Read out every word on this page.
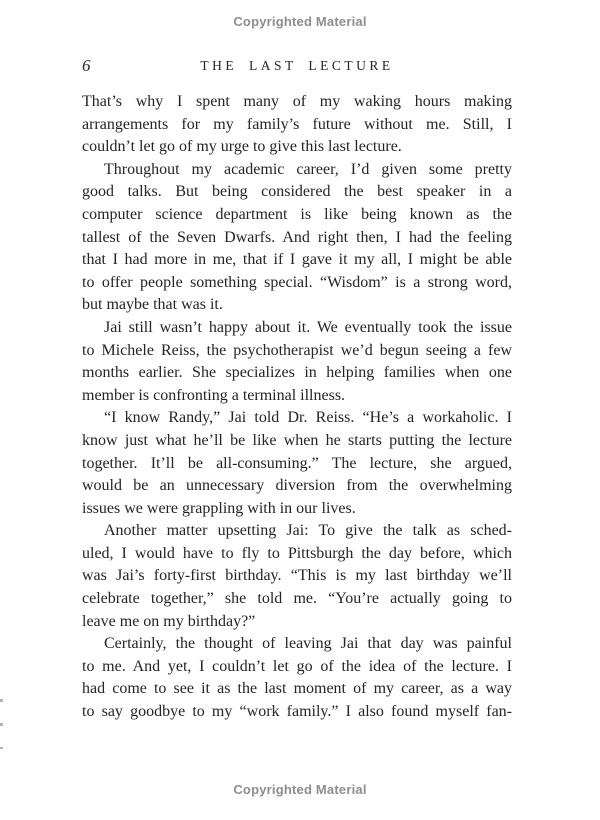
Copyrighted Material
6	THE LAST LECTURE
That’s why I spent many of my waking hours making
arrangements for my family’s future without me. Still, I
couldn’t let go of my urge to give this last lecture.
Throughout my academic career, I’d given some pretty
good talks. But being considered the best speaker in a
computer science department is like being known as the
tallest of the Seven Dwarfs. And right then, I had the feeling
that I had more in me, that if I gave it my all, I might be able
to offer people something special. “Wisdom” is a strong word,
but maybe that was it.
Jai still wasn’t happy about it. We eventually took the issue
to Michele Reiss, the psychotherapist we’d begun seeing a few
months earlier. She specializes in helping families when one
member is confronting a terminal illness.
“I know Randy,” Jai told Dr. Reiss. “He’s a workaholic. I
know just what he’ll be like when he starts putting the lecture
together. It’ll be all-consuming.” The lecture, she argued,
would be an unnecessary diversion from the overwhelming
issues we were grappling with in our lives.
Another matter upsetting Jai: To give the talk as sched-
uled, I would have to fly to Pittsburgh the day before, which
was Jai’s forty-first birthday. “This is my last birthday we’ll
celebrate together,” she told me. “You’re actually going to
leave me on my birthday?”
Certainly, the thought of leaving Jai that day was painful
to me. And yet, I couldn’t let go of the idea of the lecture. I
had come to see it as the last moment of my career, as a way
to say goodbye to my “work family.” I also found myself fan-
Copyrighted Material
